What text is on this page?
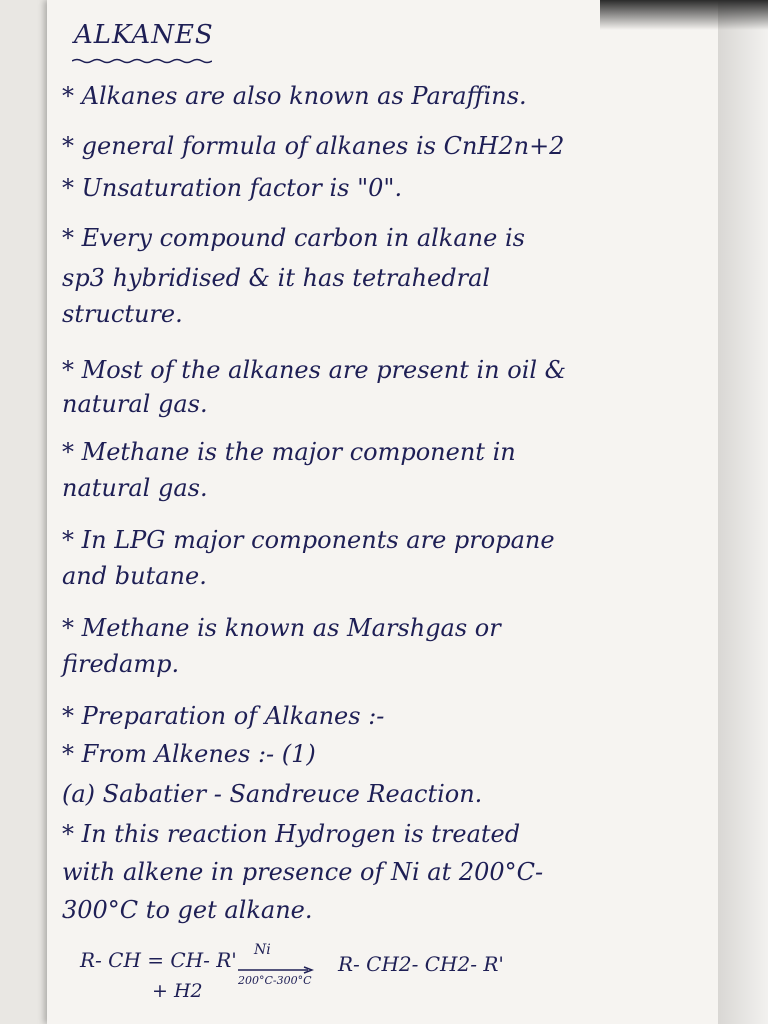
ALKANES
* Alkanes are also known as Paraffins.
* general formula of alkanes is CnH2n+2
* Unsaturation factor is "0".
* Every compound carbon in alkane is
sp3 hybridised & it has tetrahedral
structure.
* Most of the alkanes are present in oil &
natural gas.
* Methane is the major component in
natural gas.
* In LPG major components are propane
and butane.
* Methane is known as Marshgas or
firedamp.
* Preparation of Alkanes :-
* From Alkenes :- (1)
(a) Sabatier - Sandreuce Reaction.
* In this reaction Hydrogen is treated
with alkene in presence of Ni at 200°C-
300°C to get alkane.
R- CH = CH- R'
+ H2
Ni
200°C-300°C
R- CH2- CH2- R'
